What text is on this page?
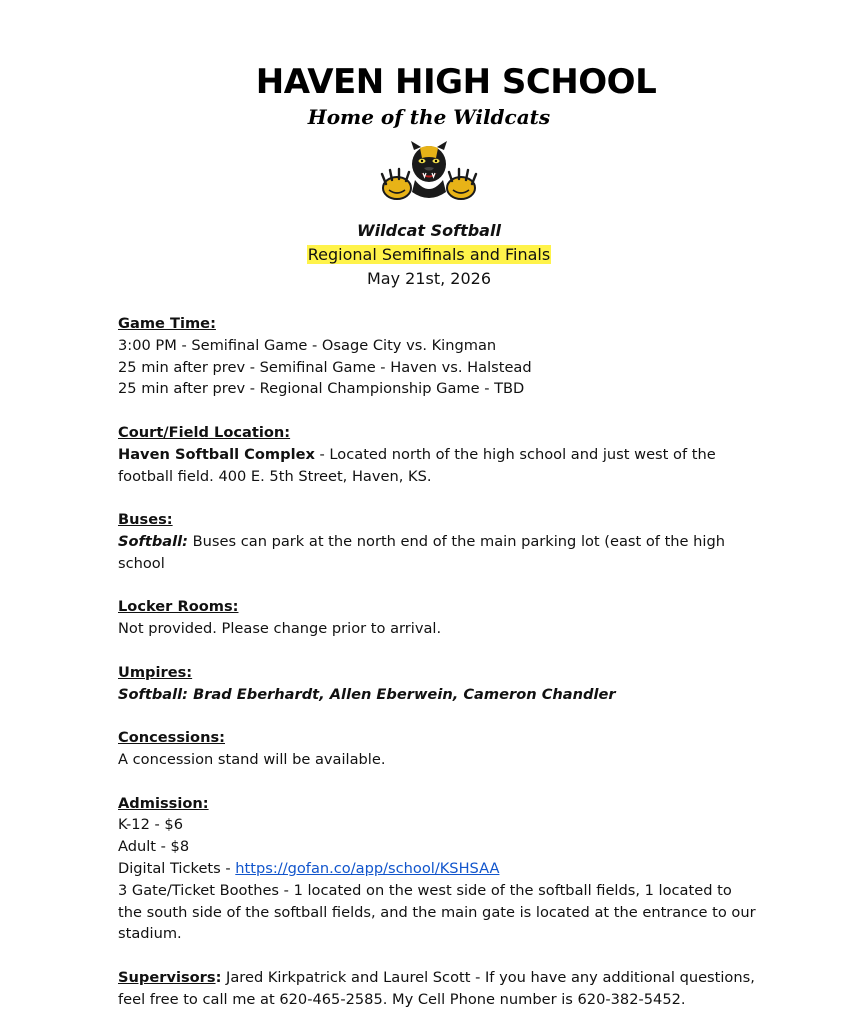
HAVEN HIGH SCHOOL
Home of the Wildcats
Wildcat Softball
Regional Semifinals and Finals
May 21st, 2026

Game Time:

3:00 PM - Semifinal Game - Osage City vs. Kingman

25 min after prev - Semifinal Game - Haven vs. Halstead

25 min after prev - Regional Championship Game - TBD

Court/Field Location:

Haven Softball Complex - Located north of the high school and just west of the football field. 400 E. 5th Street, Haven, KS.

Buses:

Softball: Buses can park at the north end of the main parking lot (east of the high school

Locker Rooms:

Not provided. Please change prior to arrival.

Umpires:

Softball: Brad Eberhardt, Allen Eberwein, Cameron Chandler

Concessions:

A concession stand will be available.

Admission:

K-12 - $6

Adult - $8

Digital Tickets - https://gofan.co/app/school/KSHSAA

3 Gate/Ticket Boothes - 1 located on the west side of the softball fields, 1 located to the south side of the softball fields, and the main gate is located at the entrance to our stadium.

Supervisors: Jared Kirkpatrick and Laurel Scott - If you have any additional questions, feel free to call me at 620-465-2585. My Cell Phone number is 620-382-5452.
